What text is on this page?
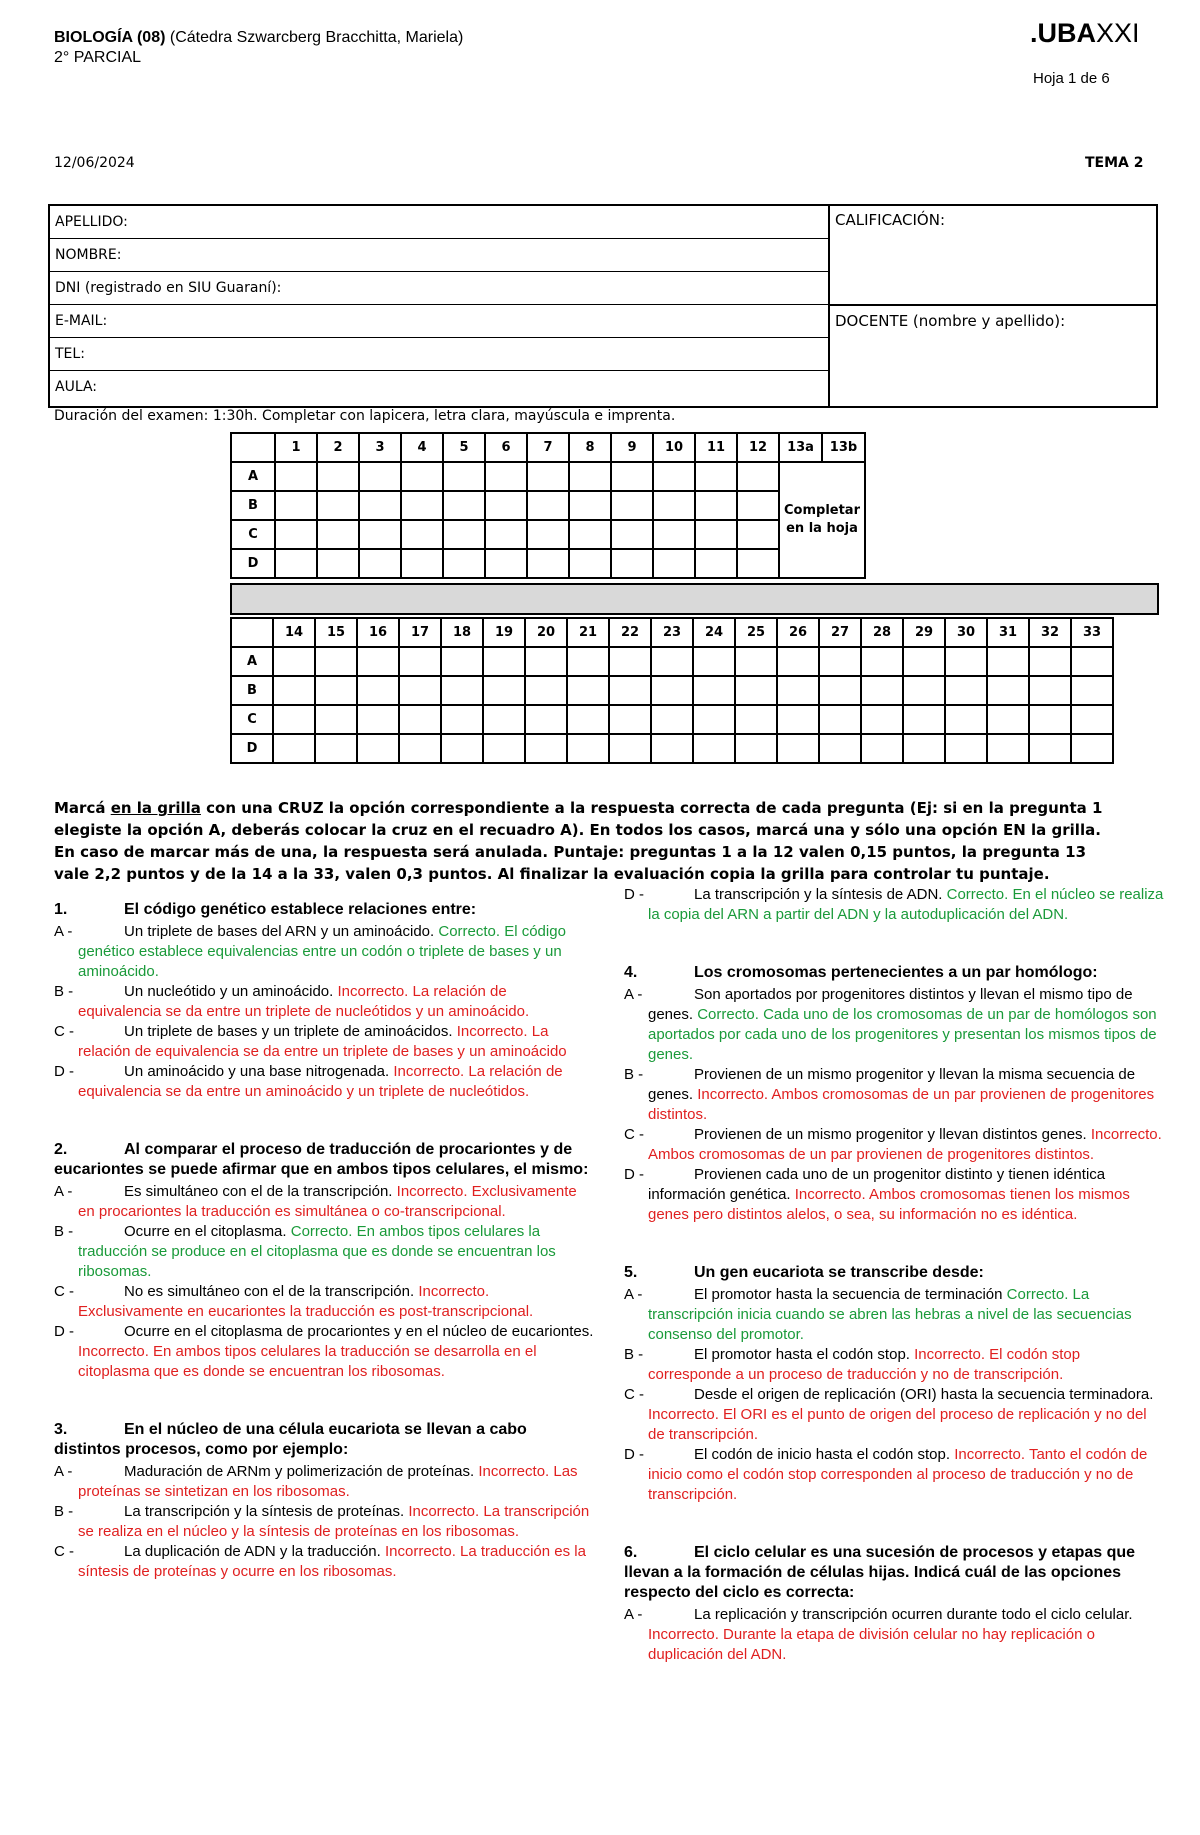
BIOLOGÍA (08) (Cátedra Szwarcberg Bracchitta, Mariela)
2° PARCIAL
.UBAXXI
Hoja 1 de 6
12/06/2024	TEMA 2
APELLIDO:
NOMBRE:
DNI (registrado en SIU Guaraní):
E-MAIL:
TEL:
AULA:
CALIFICACIÓN:
DOCENTE (nombre y apellido):
Duración del examen: 1:30h. Completar con lapicera, letra clara, mayúscula e imprenta.
	1	2	3	4	5	6	7	8	9	10	11	12	13a	13b
A													Completar en la hoja	
B														
C														
D														
	14	15	16	17	18	19	20	21	22	23	24	25	26	27	28	29	30	31	32	33
A																				
B																				
C																				
D																				
Marcá en la grilla con una CRUZ la opción correspondiente a la respuesta correcta de cada pregunta (Ej: si en la pregunta 1 elegiste la opción A, deberás colocar la cruz en el recuadro A). En todos los casos, marcá una y sólo una opción EN la grilla. En caso de marcar más de una, la respuesta será anulada. Puntaje: preguntas 1 a la 12 valen 0,15 puntos, la pregunta 13 vale 2,2 puntos y de la 14 a la 33, valen 0,3 puntos. Al finalizar la evaluación copia la grilla para controlar tu puntaje.
1.	El código genético establece relaciones entre:
A -	Un triplete de bases del ARN y un aminoácido. Correcto. El código genético establece equivalencias entre un codón o triplete de bases y un aminoácido.
B -	Un nucleótido y un aminoácido. Incorrecto. La relación de equivalencia se da entre un triplete de nucleótidos y un aminoácido.
C -	Un triplete de bases y un triplete de aminoácidos. Incorrecto. La relación de equivalencia se da entre un triplete de bases y un aminoácido
D -	Un aminoácido y una base nitrogenada. Incorrecto. La relación de equivalencia se da entre un aminoácido y un triplete de nucleótidos.
2.	Al comparar el proceso de traducción de procariontes y de eucariontes se puede afirmar que en ambos tipos celulares, el mismo:
A -	Es simultáneo con el de la transcripción. Incorrecto. Exclusivamente en procariontes la traducción es simultánea o co-transcripcional.
B -	Ocurre en el citoplasma. Correcto. En ambos tipos celulares la traducción se produce en el citoplasma que es donde se encuentran los ribosomas.
C -	No es simultáneo con el de la transcripción. Incorrecto. Exclusivamente en eucariontes la traducción es post-transcripcional.
D -	Ocurre en el citoplasma de procariontes y en el núcleo de eucariontes. Incorrecto. En ambos tipos celulares la traducción se desarrolla en el citoplasma que es donde se encuentran los ribosomas.
3.	En el núcleo de una célula eucariota se llevan a cabo distintos procesos, como por ejemplo:
A -	Maduración de ARNm y polimerización de proteínas. Incorrecto. Las proteínas se sintetizan en los ribosomas.
B -	La transcripción y la síntesis de proteínas. Incorrecto. La transcripción se realiza en el núcleo y la síntesis de proteínas en los ribosomas.
C -	La duplicación de ADN y la traducción. Incorrecto. La traducción es la síntesis de proteínas y ocurre en los ribosomas.
D -	La transcripción y la síntesis de ADN. Correcto. En el núcleo se realiza la copia del ARN a partir del ADN y la autoduplicación del ADN.
4.	Los cromosomas pertenecientes a un par homólogo:
A -	Son aportados por progenitores distintos y llevan el mismo tipo de genes. Correcto. Cada uno de los cromosomas de un par de homólogos son aportados por cada uno de los progenitores y presentan los mismos tipos de genes.
B -	Provienen de un mismo progenitor y llevan la misma secuencia de genes. Incorrecto. Ambos cromosomas de un par provienen de progenitores distintos.
C -	Provienen de un mismo progenitor y llevan distintos genes. Incorrecto. Ambos cromosomas de un par provienen de progenitores distintos.
D -	Provienen cada uno de un progenitor distinto y tienen idéntica información genética. Incorrecto. Ambos cromosomas tienen los mismos genes pero distintos alelos, o sea, su información no es idéntica.
5.	Un gen eucariota se transcribe desde:
A -	El promotor hasta la secuencia de terminación Correcto. La transcripción inicia cuando se abren las hebras a nivel de las secuencias consenso del promotor.
B -	El promotor hasta el codón stop. Incorrecto. El codón stop corresponde a un proceso de traducción y no de transcripción.
C -	Desde el origen de replicación (ORI) hasta la secuencia terminadora. Incorrecto. El ORI es el punto de origen del proceso de replicación y no del de transcripción.
D -	El codón de inicio hasta el codón stop. Incorrecto. Tanto el codón de inicio como el codón stop corresponden al proceso de traducción y no de transcripción.
6.	El ciclo celular es una sucesión de procesos y etapas que llevan a la formación de células hijas. Indicá cuál de las opciones respecto del ciclo es correcta:
A -	La replicación y transcripción ocurren durante todo el ciclo celular. Incorrecto. Durante la etapa de división celular no hay replicación o duplicación del ADN.
